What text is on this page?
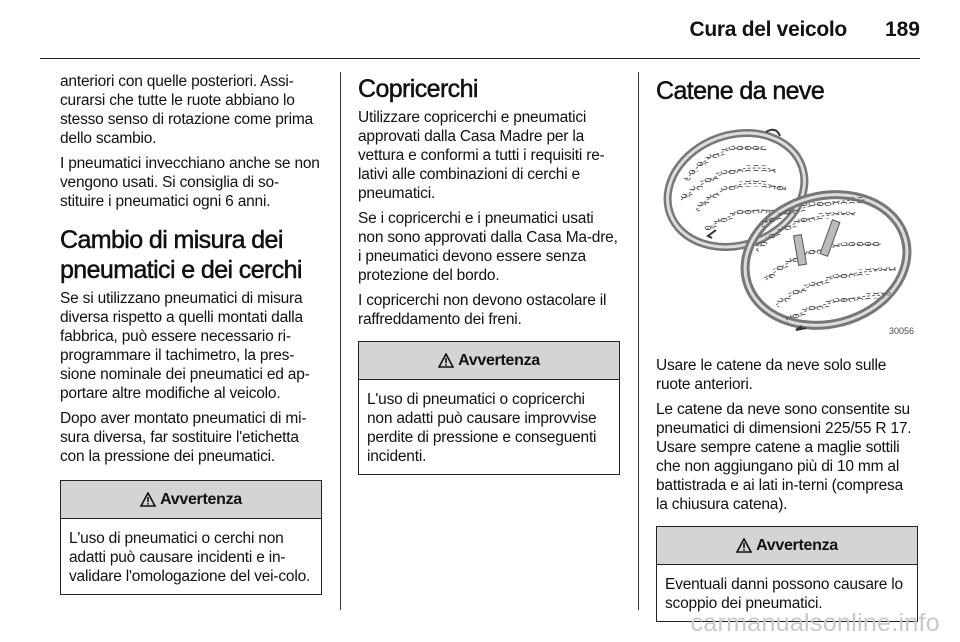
Cura del veicolo 189

anteriori con quelle posteriori. Assi-curarsi che tutte le ruote abbiano lo stesso senso di rotazione come prima dello scambio.

I pneumatici invecchiano anche se non vengono usati. Si consiglia di so-stituire i pneumatici ogni 6 anni.

Cambio di misura dei pneumatici e dei cerchi

Se si utilizzano pneumatici di misura diversa rispetto a quelli montati dalla fabbrica, può essere necessario ri-programmare il tachimetro, la pres-sione nominale dei pneumatici ed ap-portare altre modifiche al veicolo.

Dopo aver montato pneumatici di mi-sura diversa, far sostituire l'etichetta con la pressione dei pneumatici.

Avvertenza

L'uso di pneumatici o cerchi non adatti può causare incidenti e in-validare l'omologazione del vei-colo.

Copricerchi

Utilizzare copricerchi e pneumatici approvati dalla Casa Madre per la vettura e conformi a tutti i requisiti re-lativi alle combinazioni di cerchi e pneumatici.

Se i copricerchi e i pneumatici usati non sono approvati dalla Casa Ma-dre, i pneumatici devono essere senza protezione del bordo.

I copricerchi non devono ostacolare il raffreddamento dei freni.

Avvertenza

L'uso di pneumatici o copricerchi non adatti può causare improvvise perdite di pressione e conseguenti incidenti.

Catene da neve
30056

Usare le catene da neve solo sulle ruote anteriori.

Le catene da neve sono consentite su pneumatici di dimensioni 225/55 R 17. Usare sempre catene a maglie sottili che non aggiungano più di 10 mm al battistrada e ai lati in-terni (compresa la chiusura catena).

Avvertenza

Eventuali danni possono causare lo scoppio dei pneumatici.

carmanualsonline.info
